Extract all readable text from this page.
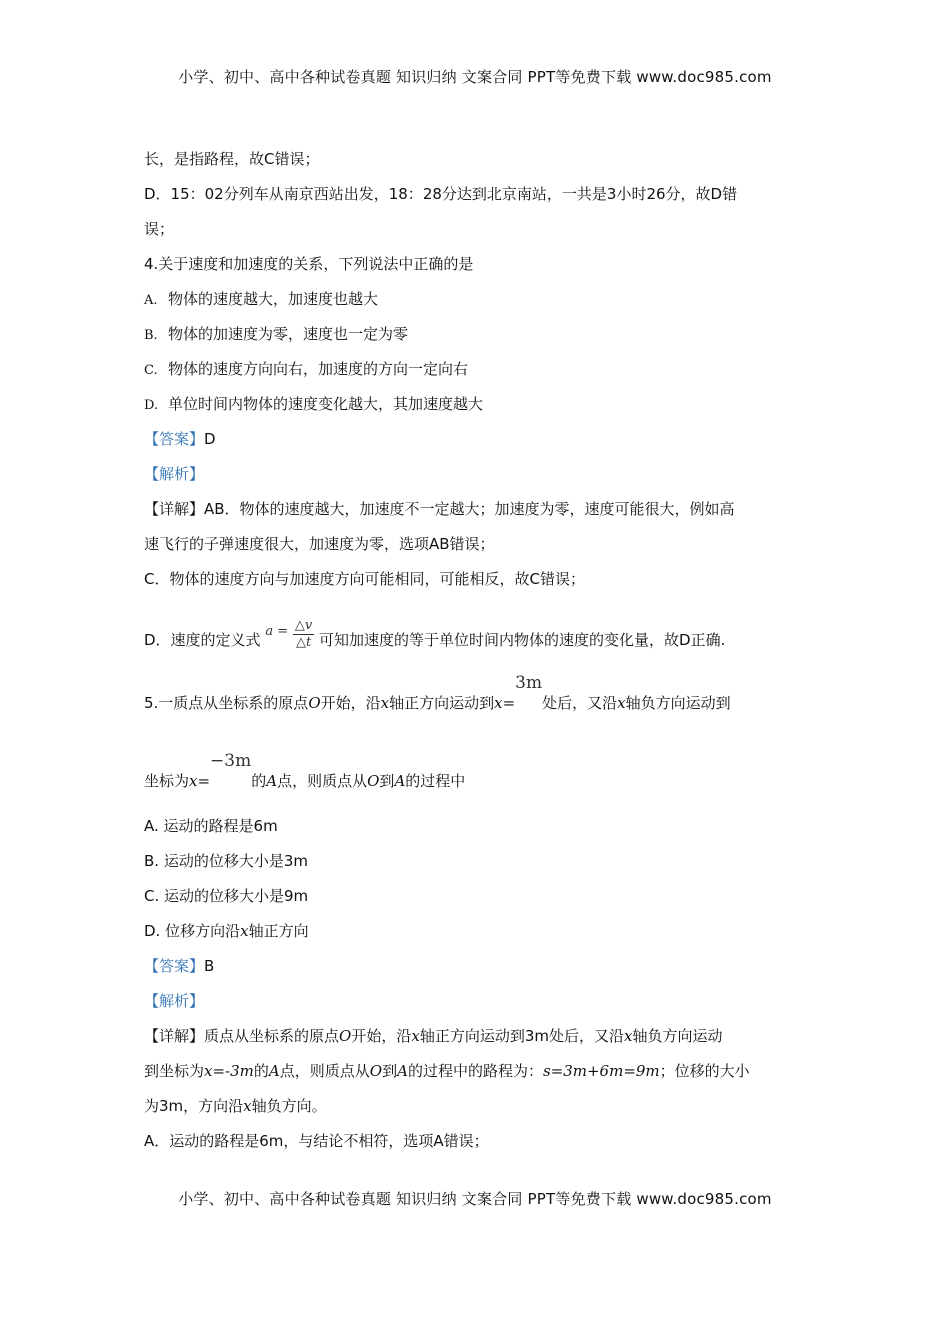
小学、初中、高中各种试卷真题 知识归纳 文案合同 PPT等免费下载 www.doc985.com
长，是指路程，故C错误；
D．15：02分列车从南京西站出发，18：28分达到北京南站，一共是3小时26分，故D错
误；
4.关于速度和加速度的关系，下列说法中正确的是
A. 物体的速度越大，加速度也越大
B. 物体的加速度为零，速度也一定为零
C. 物体的速度方向向右，加速度的方向一定向右
D. 单位时间内物体的速度变化越大，其加速度越大
【答案】D
【解析】
【详解】AB．物体的速度越大，加速度不一定越大；加速度为零，速度可能很大，例如高
速飞行的子弹速度很大，加速度为零，选项AB错误；
C．物体的速度方向与加速度方向可能相同，可能相反，故C错误；
D．速度的定义式 $a = \frac{\triangle v}{\triangle t}$ 可知加速度的等于单位时间内物体的速度的变化量，故D正确.
5.一质点从坐标系的原点O开始，沿x轴正方向运动到x=3m处后，又沿x轴负方向运动到
坐标为x=−3m的A点，则质点从O到A的过程中
A. 运动的路程是6m
B. 运动的位移大小是3m
C. 运动的位移大小是9m
D. 位移方向沿x轴正方向
【答案】B
【解析】
【详解】质点从坐标系的原点O开始，沿x轴正方向运动到3m处后，又沿x轴负方向运动
到坐标为x=-3m的A点，则质点从O到A的过程中的路程为：s=3m+6m=9m；位移的大小
为3m，方向沿x轴负方向。
A．运动的路程是6m，与结论不相符，选项A错误；
小学、初中、高中各种试卷真题 知识归纳 文案合同 PPT等免费下载 www.doc985.com
